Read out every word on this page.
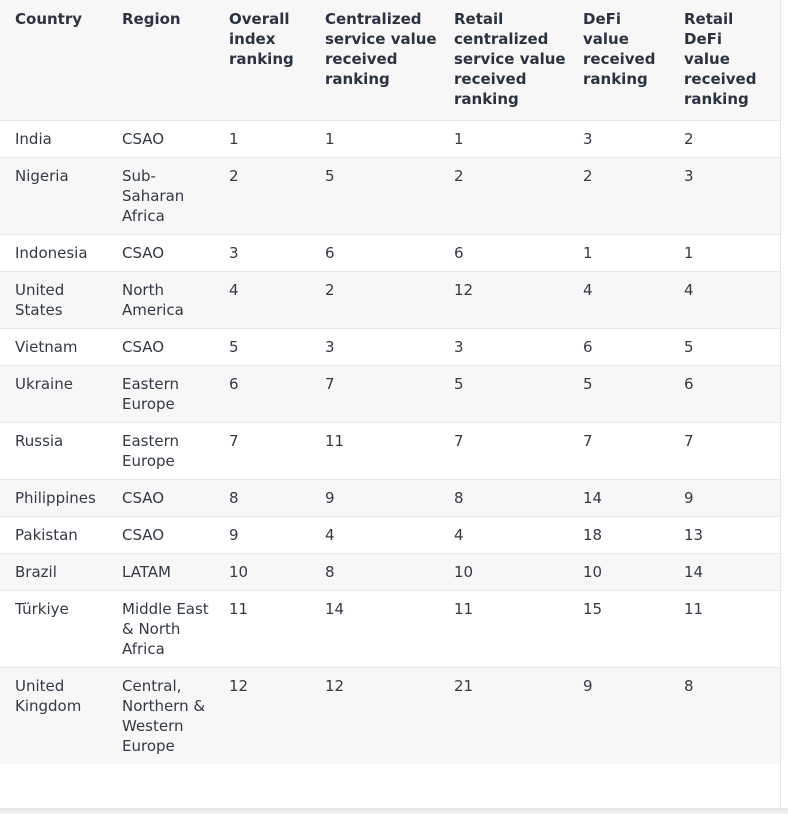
Country	Region	Overall index ranking	Centralized service value received ranking	Retail centralized service value received ranking	DeFi value received ranking	Retail DeFi value received ranking
India	CSAO	1	1	1	3	2
Nigeria	Sub-Saharan Africa	2	5	2	2	3
Indonesia	CSAO	3	6	6	1	1
United States	North America	4	2	12	4	4
Vietnam	CSAO	5	3	3	6	5
Ukraine	Eastern Europe	6	7	5	5	6
Russia	Eastern Europe	7	11	7	7	7
Philippines	CSAO	8	9	8	14	9
Pakistan	CSAO	9	4	4	18	13
Brazil	LATAM	10	8	10	10	14
Türkiye	Middle East & North Africa	11	14	11	15	11
United Kingdom	Central, Northern & Western Europe	12	12	21	9	8
